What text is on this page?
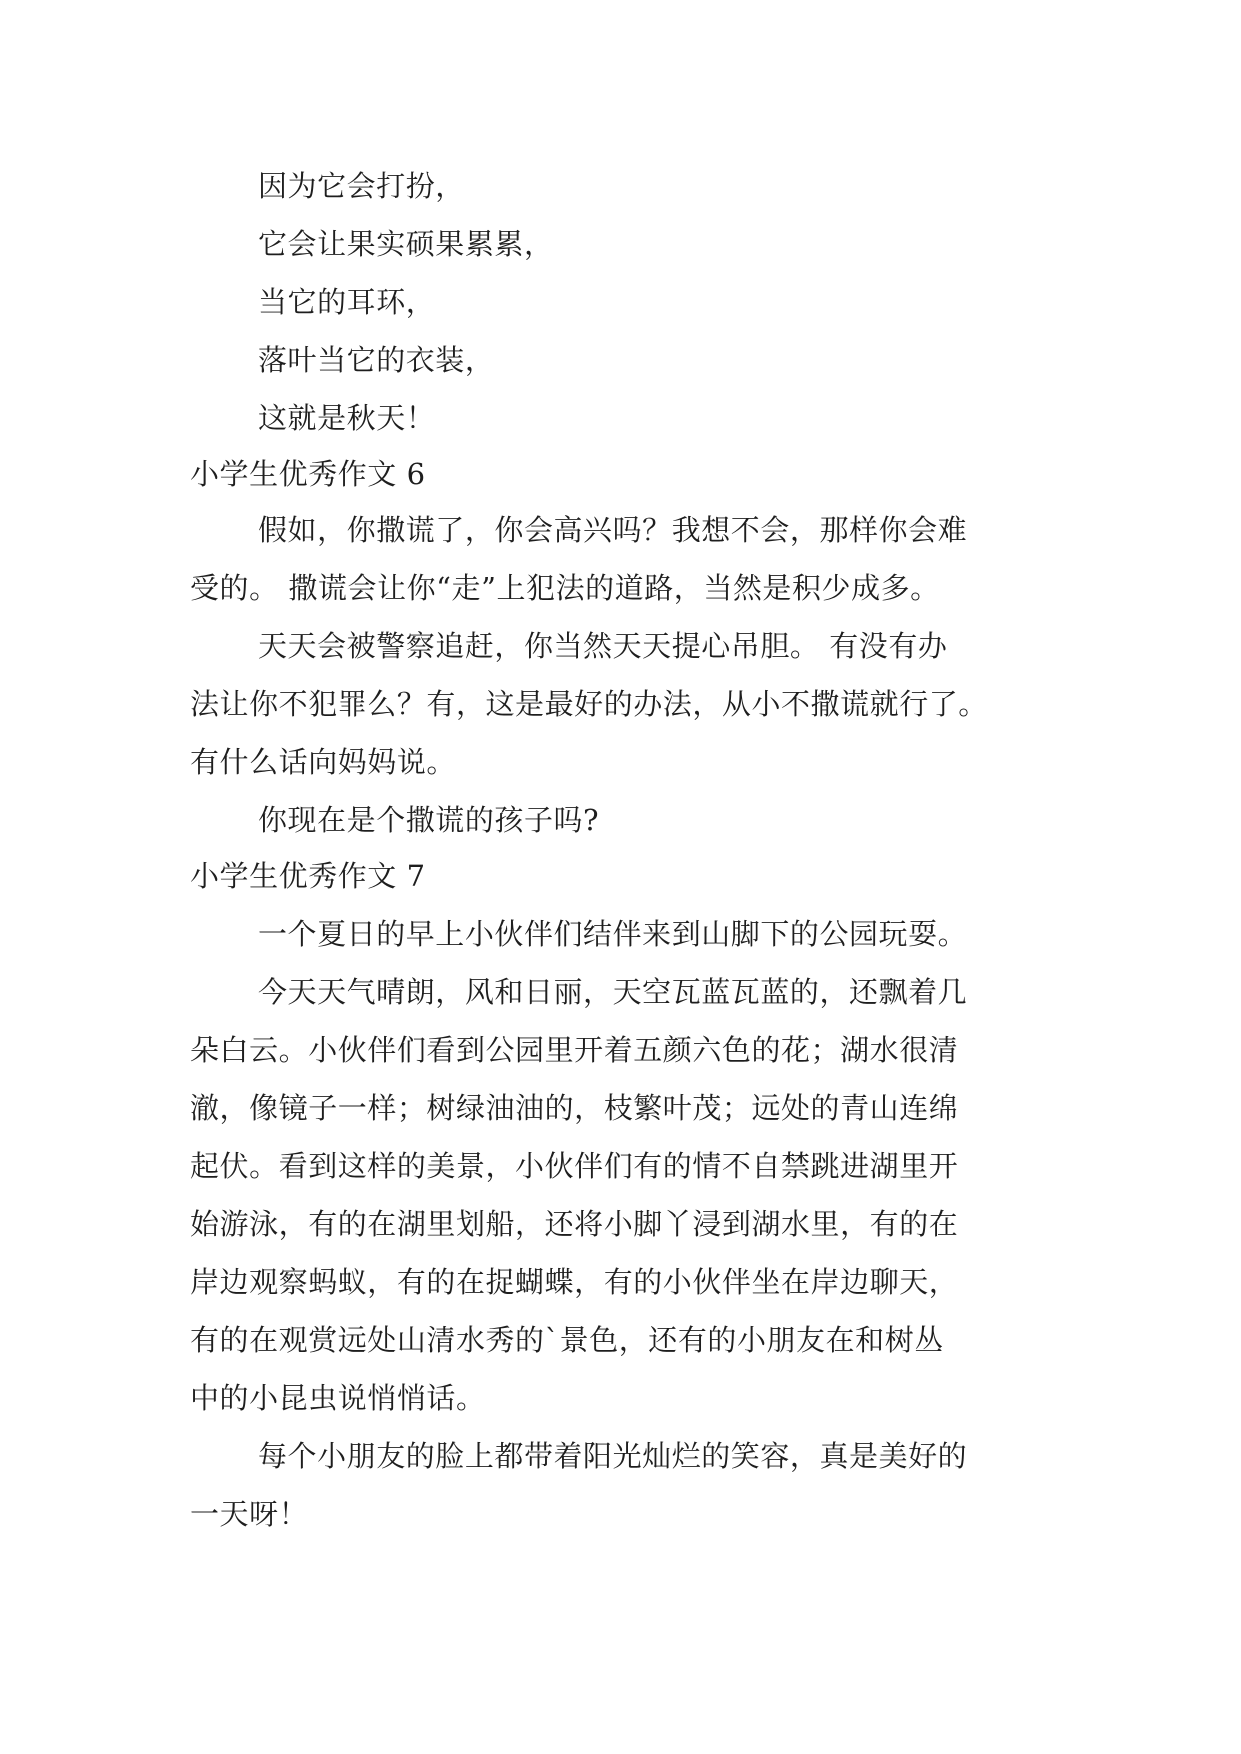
因为它会打扮，
它会让果实硕果累累，
当它的耳环，
落叶当它的衣装，
这就是秋天！
小学生优秀作文 6
假如，你撒谎了，你会高兴吗？我想不会，那样你会难
受的。 撒谎会让你“走”上犯法的道路，当然是积少成多。
天天会被警察追赶，你当然天天提心吊胆。 有没有办
法让你不犯罪么？有，这是最好的办法，从小不撒谎就行了。
有什么话向妈妈说。
你现在是个撒谎的孩子吗?
小学生优秀作文 7
一个夏日的早上小伙伴们结伴来到山脚下的公园玩耍。
今天天气晴朗，风和日丽，天空瓦蓝瓦蓝的，还飘着几
朵白云。小伙伴们看到公园里开着五颜六色的花；湖水很清
澈，像镜子一样；树绿油油的，枝繁叶茂；远处的青山连绵
起伏。看到这样的美景，小伙伴们有的情不自禁跳进湖里开
始游泳，有的在湖里划船，还将小脚丫浸到湖水里，有的在
岸边观察蚂蚁，有的在捉蝴蝶，有的小伙伴坐在岸边聊天，
有的在观赏远处山清水秀的`景色，还有的小朋友在和树丛
中的小昆虫说悄悄话。
每个小朋友的脸上都带着阳光灿烂的笑容，真是美好的
一天呀！
